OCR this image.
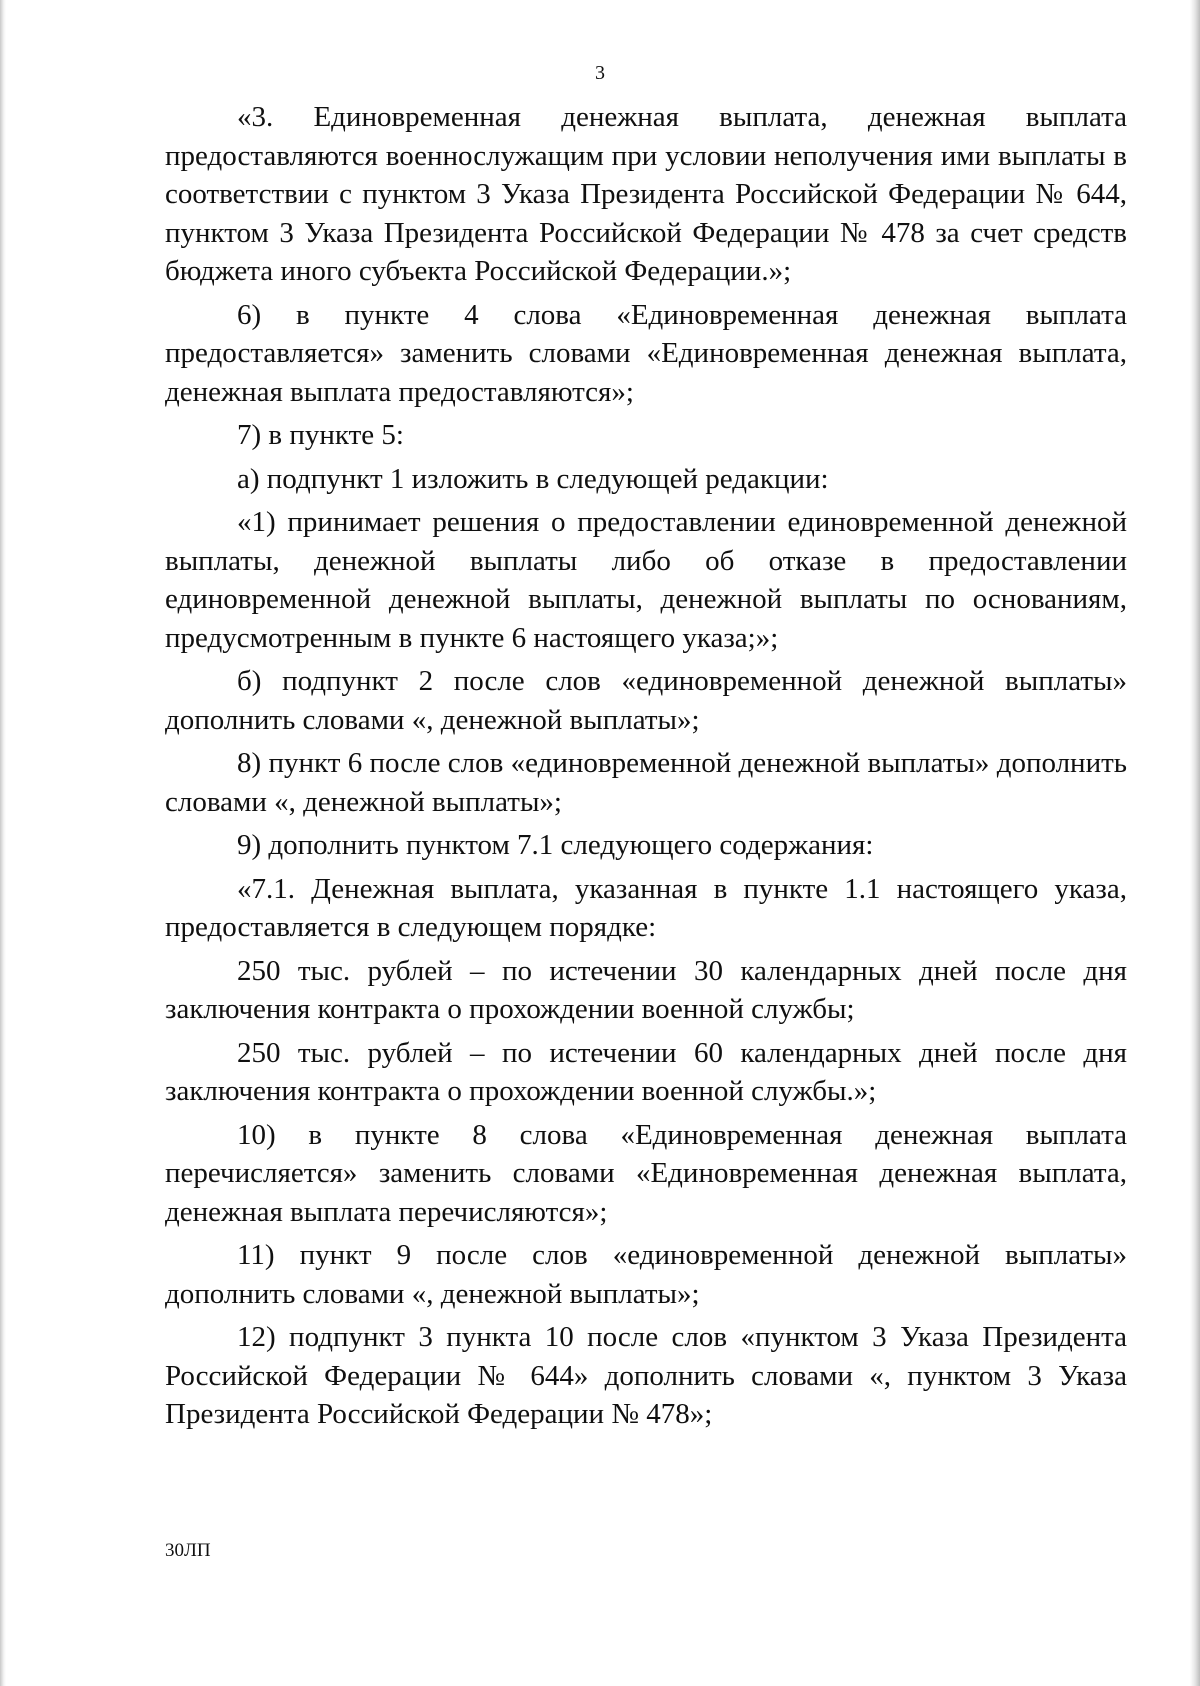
3

«3. Единовременная денежная выплата, денежная выплата предоставляются военнослужащим при условии неполучения ими выплаты в соответствии с пунктом 3 Указа Президента Российской Федерации № 644, пунктом 3 Указа Президента Российской Федерации № 478 за счет средств бюджета иного субъекта Российской Федерации.»;

6) в пункте 4 слова «Единовременная денежная выплата предоставляется» заменить словами «Единовременная денежная выплата, денежная выплата предоставляются»;

7) в пункте 5:

а) подпункт 1 изложить в следующей редакции:

«1) принимает решения о предоставлении единовременной денежной выплаты, денежной выплаты либо об отказе в предоставлении единовременной денежной выплаты, денежной выплаты по основаниям, предусмотренным в пункте 6 настоящего указа;»;

б) подпункт 2 после слов «единовременной денежной выплаты» дополнить словами «, денежной выплаты»;

8) пункт 6 после слов «единовременной денежной выплаты» дополнить словами «, денежной выплаты»;

9) дополнить пунктом 7.1 следующего содержания:

«7.1. Денежная выплата, указанная в пункте 1.1 настоящего указа, предоставляется в следующем порядке:

250 тыс. рублей – по истечении 30 календарных дней после дня заключения контракта о прохождении военной службы;

250 тыс. рублей – по истечении 60 календарных дней после дня заключения контракта о прохождении военной службы.»;

10) в пункте 8 слова «Единовременная денежная выплата перечисляется» заменить словами «Единовременная денежная выплата, денежная выплата перечисляются»;

11) пункт 9 после слов «единовременной денежной выплаты» дополнить словами «, денежной выплаты»;

12) подпункт 3 пункта 10 после слов «пунктом 3 Указа Президента Российской Федерации № 644» дополнить словами «, пунктом 3 Указа Президента Российской Федерации № 478»;

30ЛП
